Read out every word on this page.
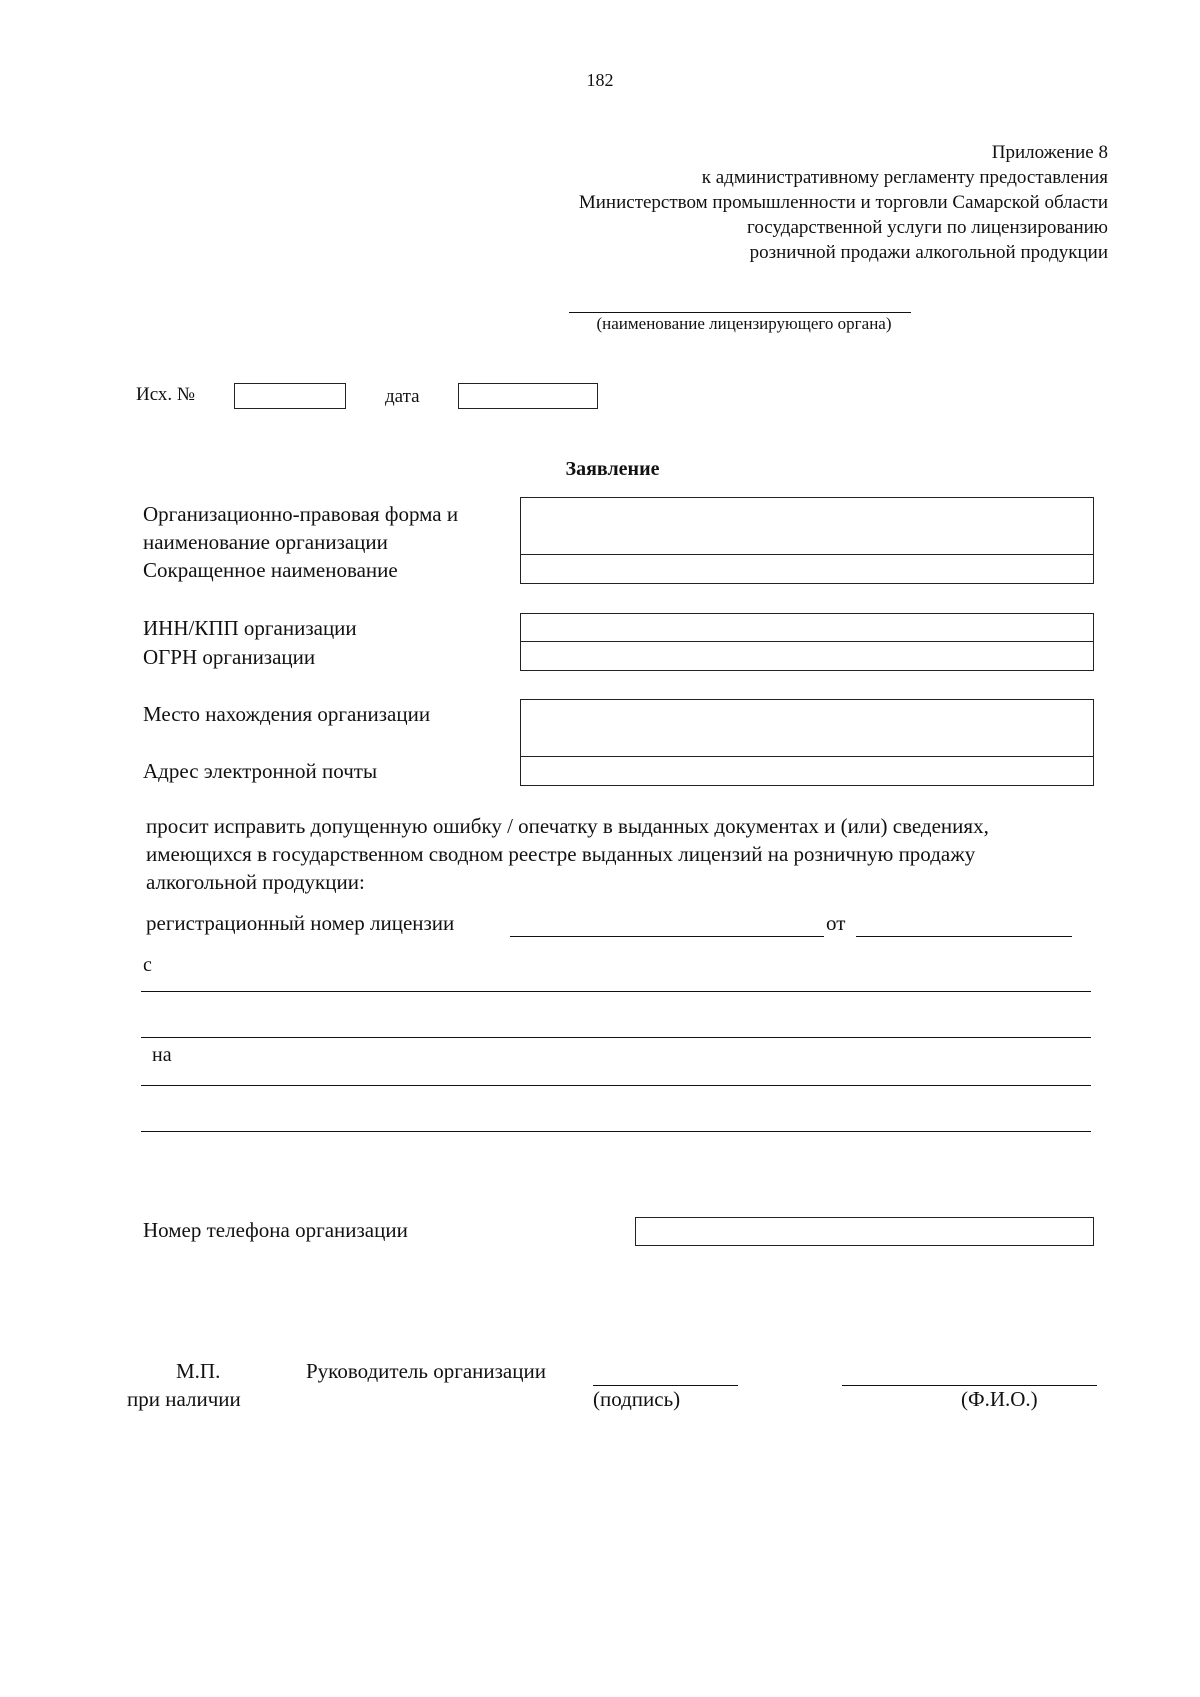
182
Приложение 8
к административному регламенту предоставления
Министерством промышленности и торговли Самарской области
государственной услуги по лицензированию
розничной продажи алкогольной продукции
(наименование лицензирующего органа)
Исх. №	дата
Заявление
Организационно-правовая форма и наименование организации
Сокращенное наименование
ИНН/КПП организации
ОГРН организации
Место нахождения организации
Адрес электронной почты
просит исправить допущенную ошибку / опечатку в выданных документах и (или) сведениях, имеющихся в государственном сводном реестре выданных лицензий на розничную продажу алкогольной продукции:
регистрационный номер лицензии	от
с
на
Номер телефона организации
М.П.
при наличии
Руководитель организации
(подпись)	(Ф.И.О.)
